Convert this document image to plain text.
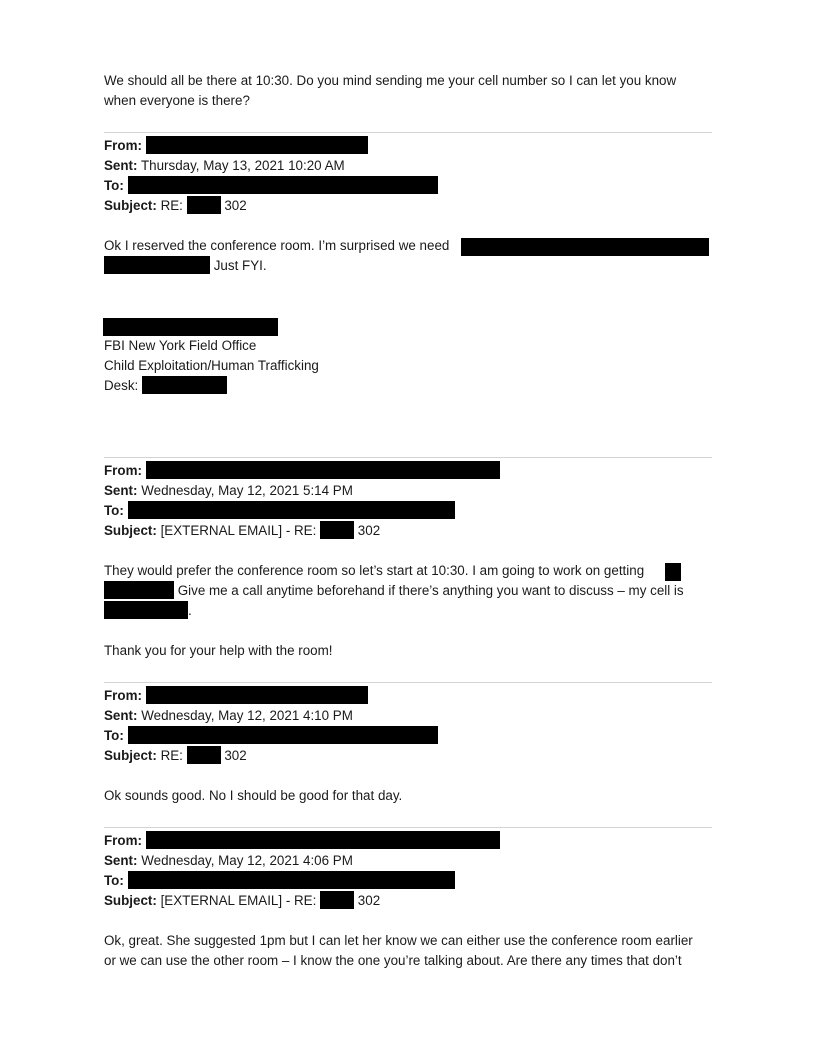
We should all be there at 10:30. Do you mind sending me your cell number so I can let you know
when everyone is there?
From:
Sent: Thursday, May 13, 2021 10:20 AM
To:
Subject: RE:	302
Ok I reserved the conference room. I’m surprised we need
Just FYI.
FBI New York Field Office
Child Exploitation/Human Trafficking
Desk:
From:
Sent: Wednesday, May 12, 2021 5:14 PM
To:
Subject: [EXTERNAL EMAIL] - RE:	302
They would prefer the conference room so let’s start at 10:30. I am going to work on getting
Give me a call anytime beforehand if there’s anything you want to discuss – my cell is
.
Thank you for your help with the room!
From:
Sent: Wednesday, May 12, 2021 4:10 PM
To:
Subject: RE:	302
Ok sounds good. No I should be good for that day.
From:
Sent: Wednesday, May 12, 2021 4:06 PM
To:
Subject: [EXTERNAL EMAIL] - RE:	302
Ok, great. She suggested 1pm but I can let her know we can either use the conference room earlier
or we can use the other room – I know the one you’re talking about. Are there any times that don’t
